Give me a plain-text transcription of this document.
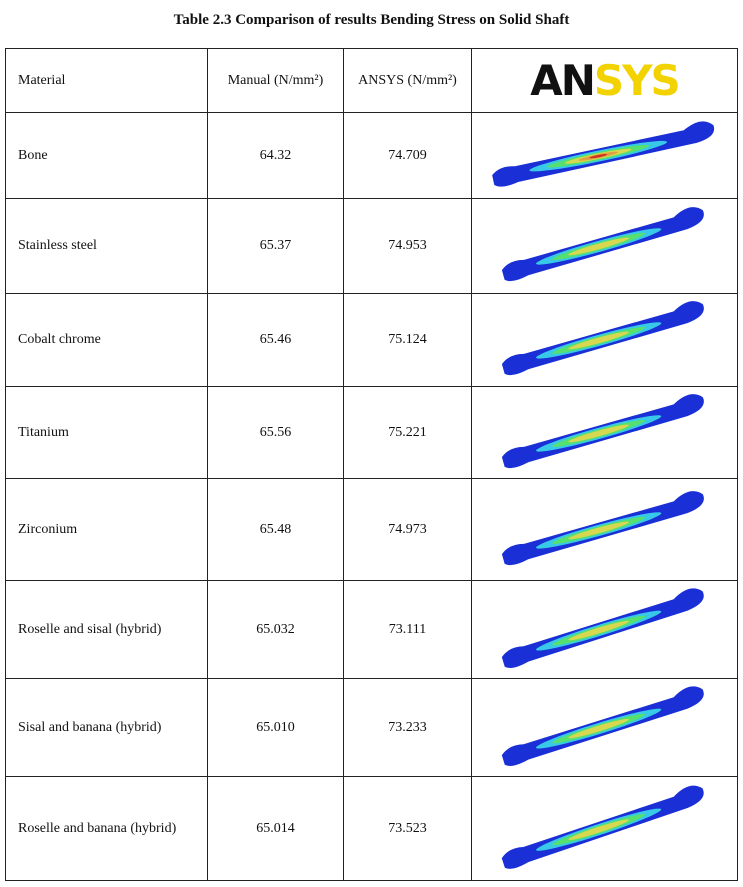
Table 2.3 Comparison of results Bending Stress on Solid Shaft
Material	Manual (N/mm²)	ANSYS (N/mm²)	ANSYS
Bone	64.32	74.709	

Stainless steel	65.37	74.953	

Cobalt chrome	65.46	75.124	

Titanium	65.56	75.221	

Zirconium	65.48	74.973	

Roselle and sisal (hybrid)	65.032	73.111	

Sisal and banana (hybrid)	65.010	73.233	

Roselle and banana (hybrid)	65.014	73.523	
